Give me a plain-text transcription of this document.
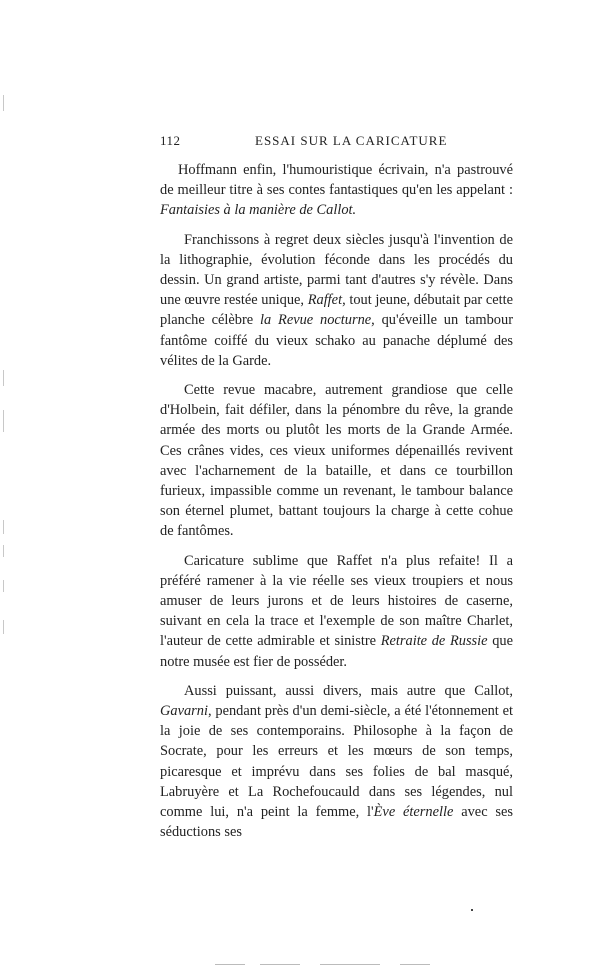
112	ESSAI SUR LA CARICATURE

Hoffmann enfin, l'humouristique écrivain, n'a pastrouvé de meilleur titre à ses contes fantastiques qu'en les appelant : Fantaisies à la manière de Callot.

Franchissons à regret deux siècles jusqu'à l'invention de la lithographie, évolution féconde dans les procédés du dessin. Un grand artiste, parmi tant d'autres s'y révèle. Dans une œuvre restée unique, Raffet, tout jeune, débutait par cette planche célèbre la Revue nocturne, qu'éveille un tambour fantôme coiffé du vieux schako au panache déplumé des vélites de la Garde.

Cette revue macabre, autrement grandiose que celle d'Holbein, fait défiler, dans la pénombre du rêve, la grande armée des morts ou plutôt les morts de la Grande Armée. Ces crânes vides, ces vieux uniformes dépenaillés revivent avec l'acharnement de la bataille, et dans ce tourbillon furieux, impassible comme un revenant, le tambour balance son éternel plumet, battant toujours la charge à cette cohue de fantômes.

Caricature sublime que Raffet n'a plus refaite! Il a préféré ramener à la vie réelle ses vieux troupiers et nous amuser de leurs jurons et de leurs histoires de caserne, suivant en cela la trace et l'exemple de son maître Charlet, l'auteur de cette admirable et sinistre Retraite de Russie que notre musée est fier de posséder.

Aussi puissant, aussi divers, mais autre que Callot, Gavarni, pendant près d'un demi-siècle, a été l'étonnement et la joie de ses contemporains. Philosophe à la façon de Socrate, pour les erreurs et les mœurs de son temps, picaresque et imprévu dans ses folies de bal masqué, Labruyère et La Rochefoucauld dans ses légendes, nul comme lui, n'a peint la femme, l'Ève éternelle avec ses séductions ses
